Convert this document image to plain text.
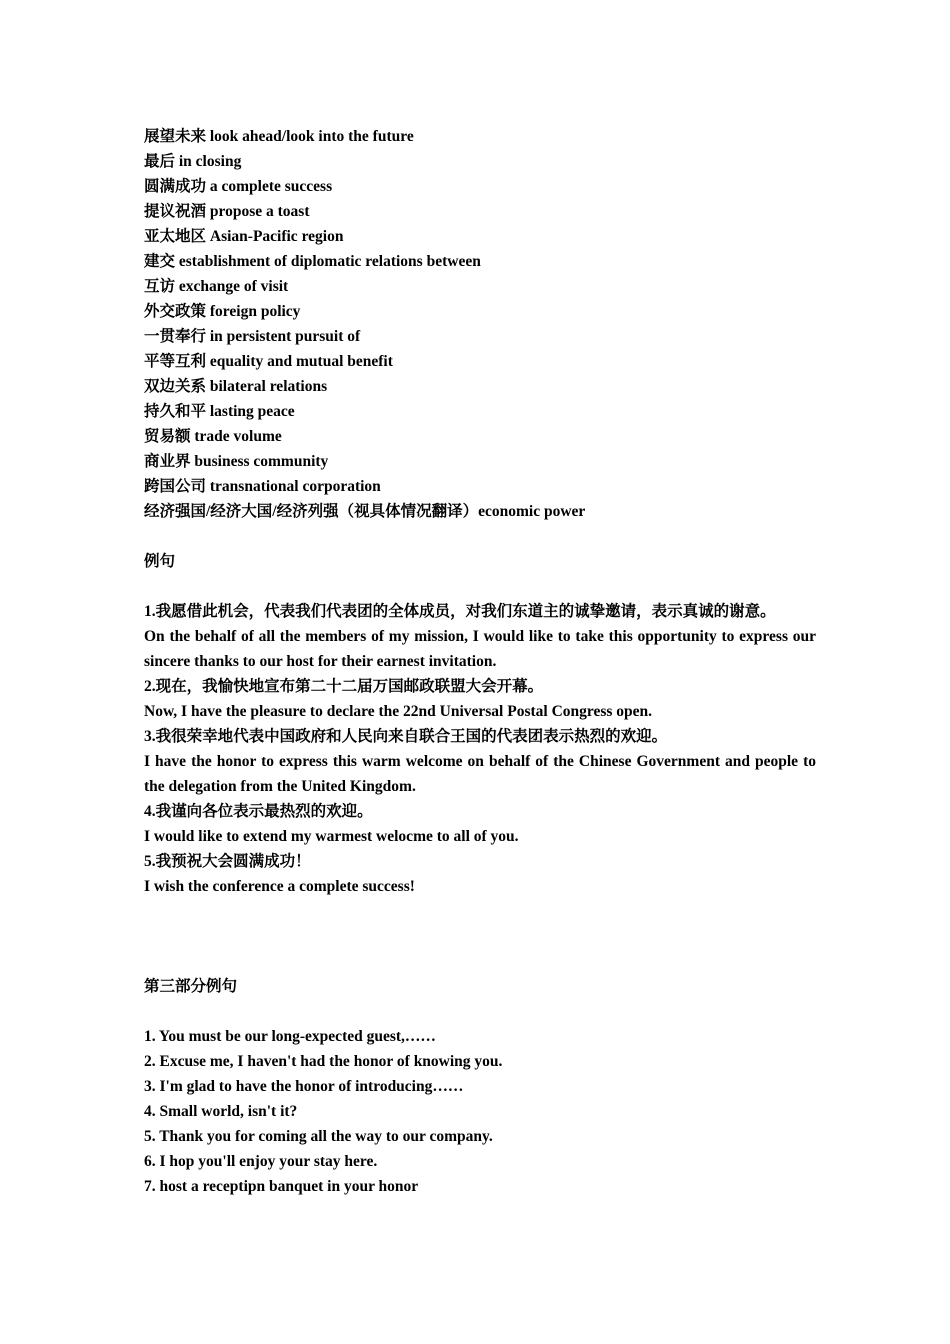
展望未来 look ahead/look into the future

最后 in closing

圆满成功 a complete success

提议祝酒 propose a toast

亚太地区 Asian-Pacific region

建交 establishment of diplomatic relations between

互访 exchange of visit

外交政策 foreign policy

一贯奉行 in persistent pursuit of

平等互利 equality and mutual benefit

双边关系 bilateral relations

持久和平 lasting peace

贸易额 trade volume

商业界 business community

跨国公司 transnational corporation

经济强国/经济大国/经济列强（视具体情况翻译）economic power

例句

1.我愿借此机会，代表我们代表团的全体成员，对我们东道主的诚挚邀请，表示真诚的谢意。

On the behalf of all the members of my mission, I would like to take this opportunity to express our sincere thanks to our host for their earnest invitation.

2.现在，我愉快地宣布第二十二届万国邮政联盟大会开幕。

Now, I have the pleasure to declare the 22nd Universal Postal Congress open.

3.我很荣幸地代表中国政府和人民向来自联合王国的代表团表示热烈的欢迎。

I have the honor to express this warm welcome on behalf of the Chinese Government and people to the delegation from the United Kingdom.

4.我谨向各位表示最热烈的欢迎。

I would like to extend my warmest welocme to all of you.

5.我预祝大会圆满成功！

I wish the conference a complete success!

第三部分例句

1. You must be our long-expected guest,……

2. Excuse me, I haven't had the honor of knowing you.

3. I'm glad to have the honor of introducing……

4. Small world, isn't it?

5. Thank you for coming all the way to our company.

6. I hop you'll enjoy your stay here.

7. host a receptipn banquet in your honor
